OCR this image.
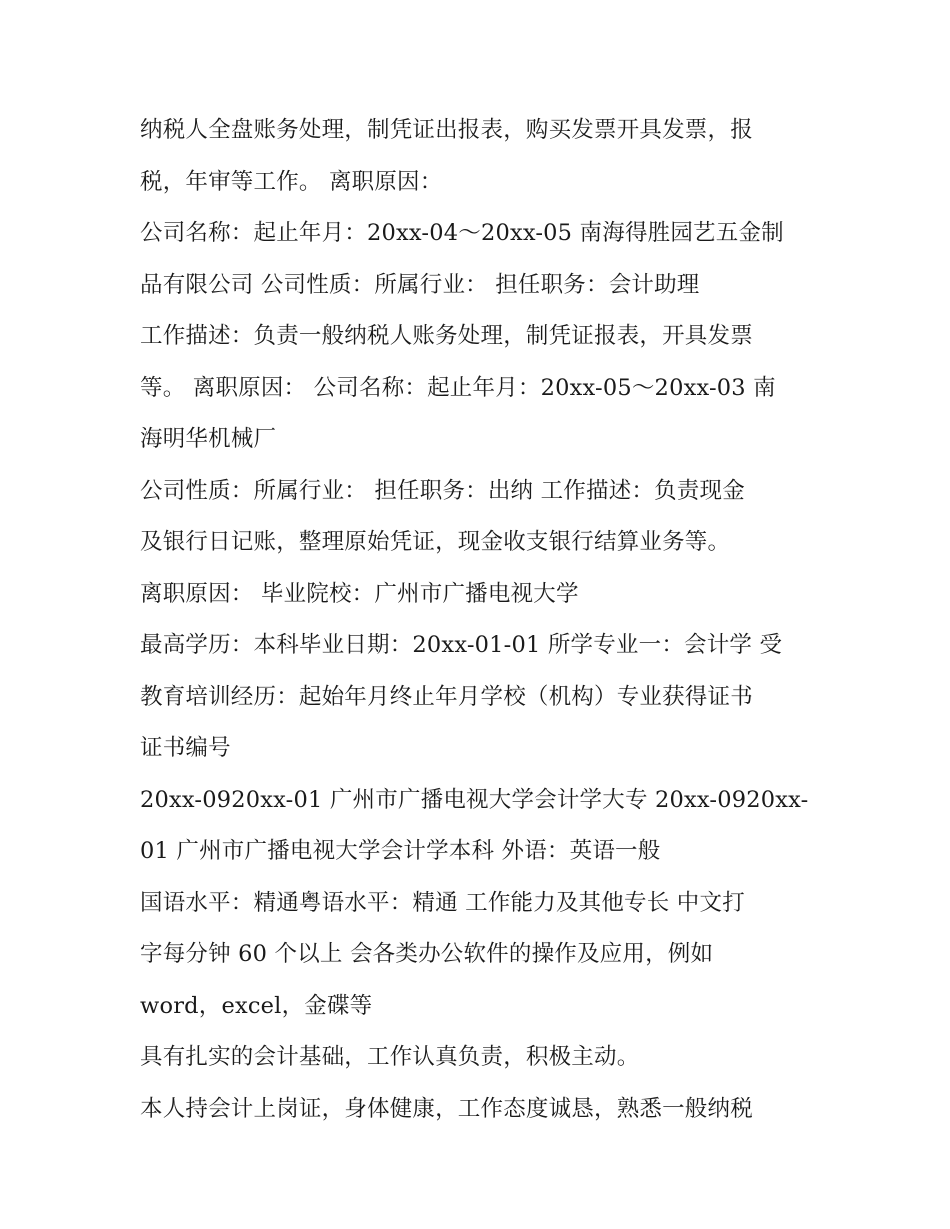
纳税人全盘账务处理，制凭证出报表，购买发票开具发票，报
税，年审等工作。 离职原因：
公司名称：起止年月：20xx-04～20xx-05 南海得胜园艺五金制
品有限公司 公司性质：所属行业： 担任职务：会计助理
工作描述：负责一般纳税人账务处理，制凭证报表，开具发票
等。 离职原因： 公司名称：起止年月：20xx-05～20xx-03 南
海明华机械厂
公司性质：所属行业： 担任职务：出纳 工作描述：负责现金
及银行日记账，整理原始凭证，现金收支银行结算业务等。
离职原因： 毕业院校：广州市广播电视大学
最高学历：本科毕业日期：20xx-01-01 所学专业一：会计学 受
教育培训经历：起始年月终止年月学校（机构）专业获得证书
证书编号
20xx-0920xx-01 广州市广播电视大学会计学大专 20xx-0920xx-
01 广州市广播电视大学会计学本科 外语：英语一般
国语水平：精通粤语水平：精通 工作能力及其他专长 中文打
字每分钟 60 个以上 会各类办公软件的操作及应用，例如
word，excel，金碟等
具有扎实的会计基础，工作认真负责，积极主动。
本人持会计上岗证，身体健康，工作态度诚恳，熟悉一般纳税
